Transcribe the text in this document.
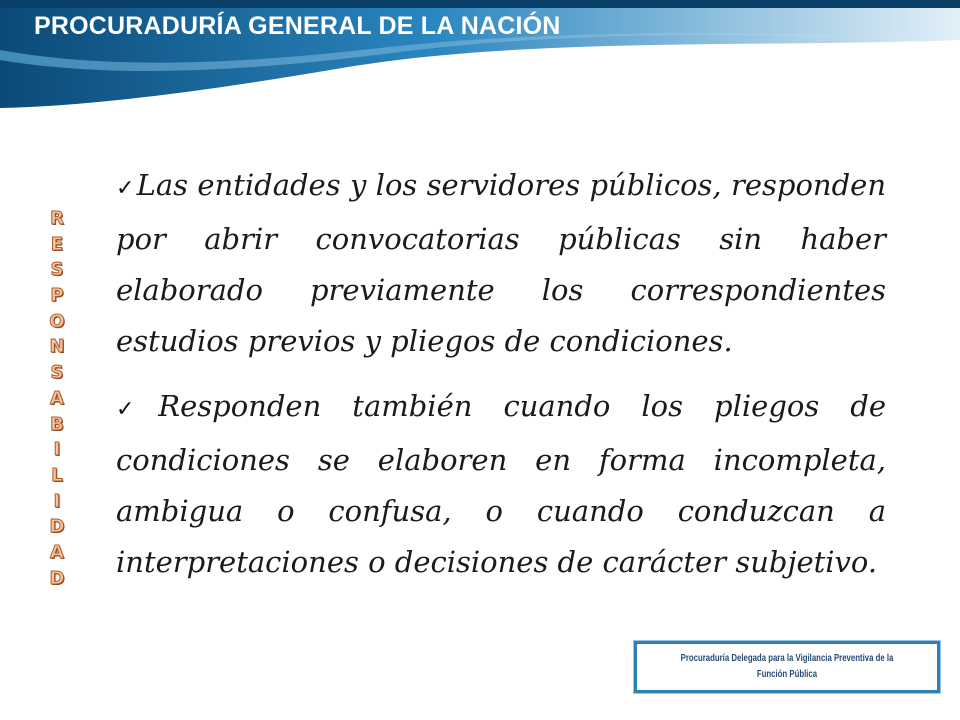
PROCURADURÍA GENERAL DE LA NACIÓN
R
E
S
P
O
N
S
A
B
I
L
I
D
A
D

✓Las entidades y los servidores públicos, responden por abrir convocatorias públicas sin haber elaborado previamente los correspondientes estudios previos y pliegos de condiciones.

✓Responden también cuando los pliegos de condiciones se elaboren en forma incompleta, ambigua o confusa, o cuando conduzcan a interpretaciones o decisiones de carácter subjetivo.

Procuraduría Delegada para la Vigilancia Preventiva de la Función Pública
